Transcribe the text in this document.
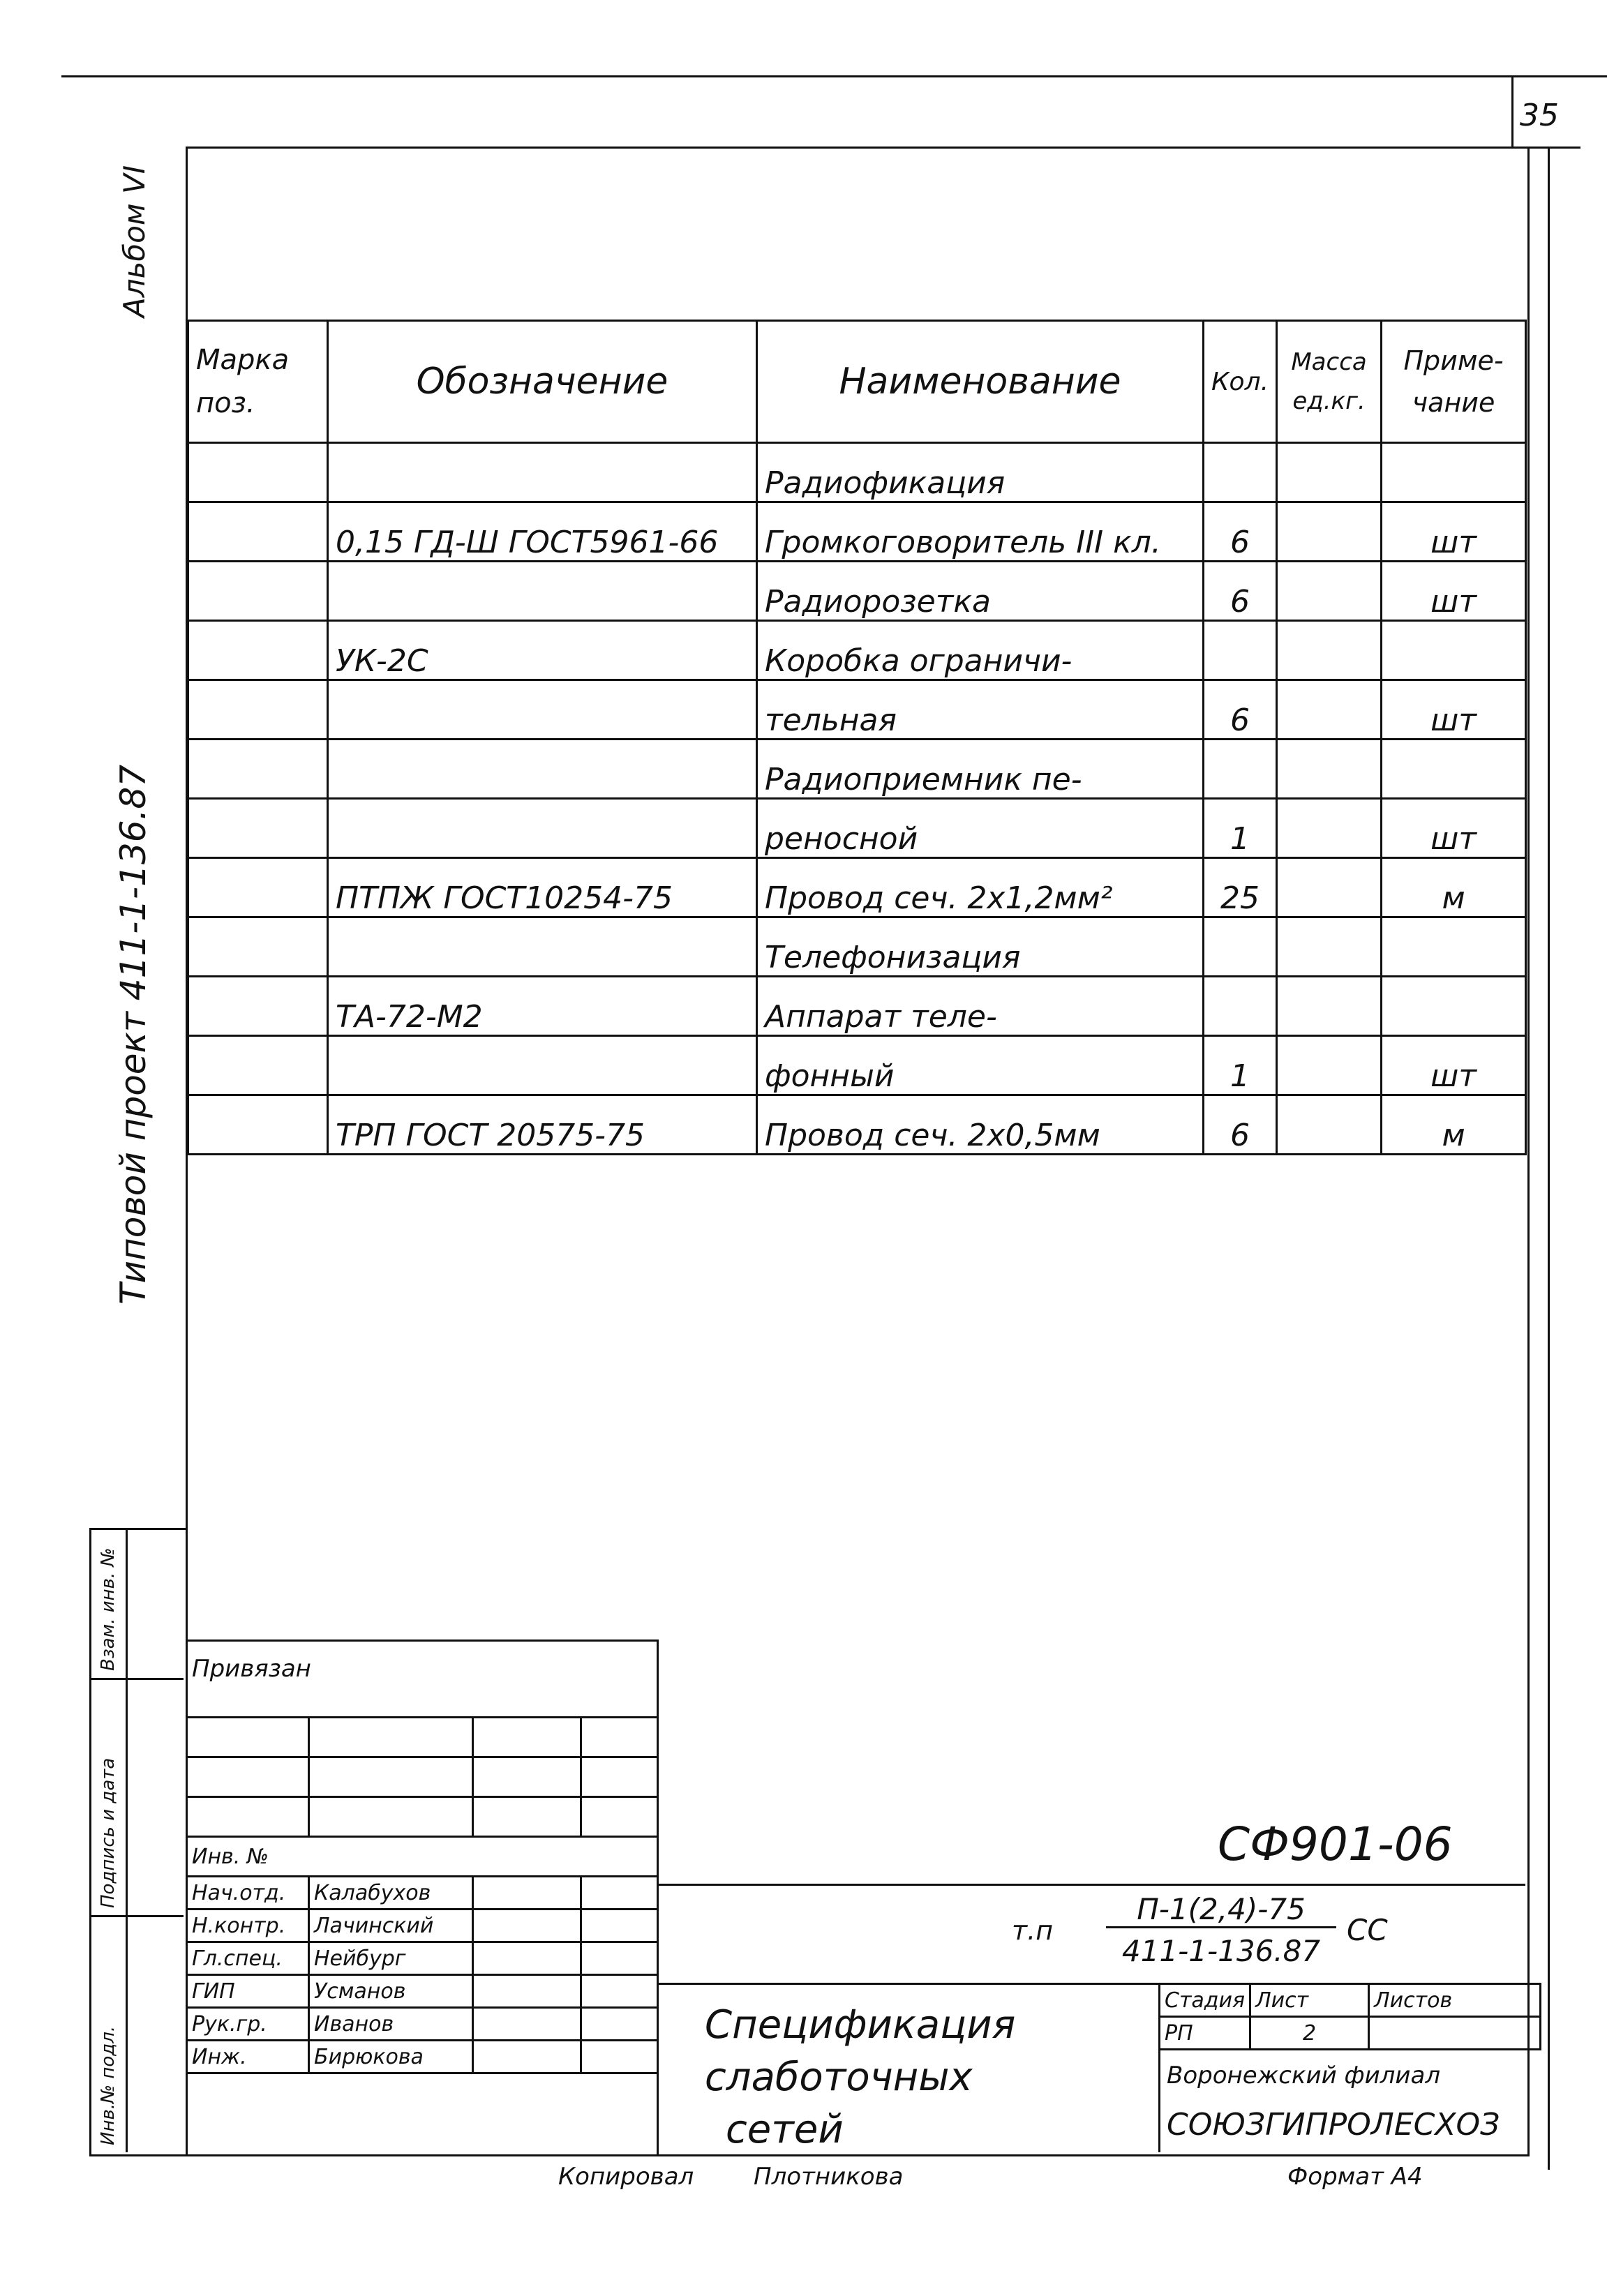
35
Альбом VI
Типовой проект 411-1-136.87
Взам. инв. №
Подпись и дата
Инв.№ подл.
Марка поз.	Обозначение	Наименование	Кол.	Масса ед.кг.	Приме- чание
		Радиофикация			
	0,15 ГД-Ш ГОСТ5961-66	Громкоговоритель III кл.	6		шт
		Радиорозетка	6		шт
	УК-2С	Коробка ограничи-			
		тельная	6		шт
		Радиоприемник пе-			
		реносной	1		шт
	ПТПЖ ГОСТ10254-75	Провод сеч. 2х1,2мм²	25		м
		Телефонизация			
	ТА-72-М2	Аппарат теле-			
		фонный	1		шт
	ТРП ГОСТ 20575-75	Провод сеч. 2х0,5мм	6		м
Привязан

Инв. №			
Нач.отд.	Калабухов		
Н.контр.	Лачинский		
Гл.спец.	Нейбург		
ГИП	Усманов		
Рук.гр.	Иванов		
Инж.	Бирюкова		
СФ901-06
т.п
П-1(2,4)-75
411-1-136.87
СС
Спецификация
слаботочных
сетей
Стадия	Лист	Листов
РП	2	
Воронежский филиал
СОЮЗГИПРОЛЕСХОЗ
Копировал	Плотникова	Формат А4
